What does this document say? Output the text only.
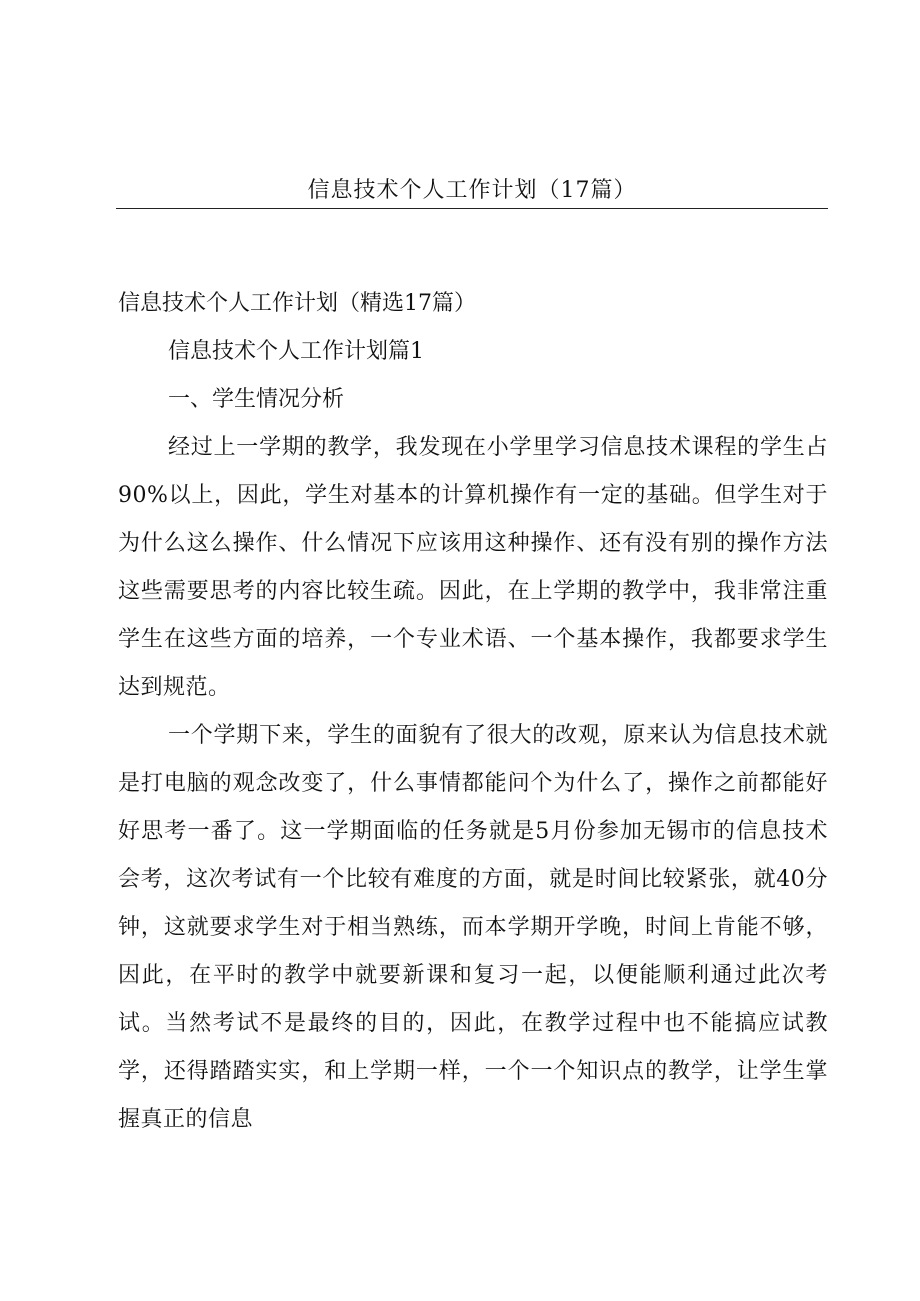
信息技术个人工作计划（17篇）

信息技术个人工作计划（精选17篇）

信息技术个人工作计划篇1

一、学生情况分析

经过上一学期的教学，我发现在小学里学习信息技术课程的学生占90%以上，因此，学生对基本的计算机操作有一定的基础。但学生对于为什么这么操作、什么情况下应该用这种操作、还有没有别的操作方法这些需要思考的内容比较生疏。因此，在上学期的教学中，我非常注重学生在这些方面的培养，一个专业术语、一个基本操作，我都要求学生达到规范。

一个学期下来，学生的面貌有了很大的改观，原来认为信息技术就是打电脑的观念改变了，什么事情都能问个为什么了，操作之前都能好好思考一番了。这一学期面临的任务就是5月份参加无锡市的信息技术会考，这次考试有一个比较有难度的方面，就是时间比较紧张，就40分钟，这就要求学生对于相当熟练，而本学期开学晚，时间上肯能不够，因此，在平时的教学中就要新课和复习一起，以便能顺利通过此次考试。当然考试不是最终的目的，因此，在教学过程中也不能搞应试教学，还得踏踏实实，和上学期一样，一个一个知识点的教学，让学生掌握真正的信息
